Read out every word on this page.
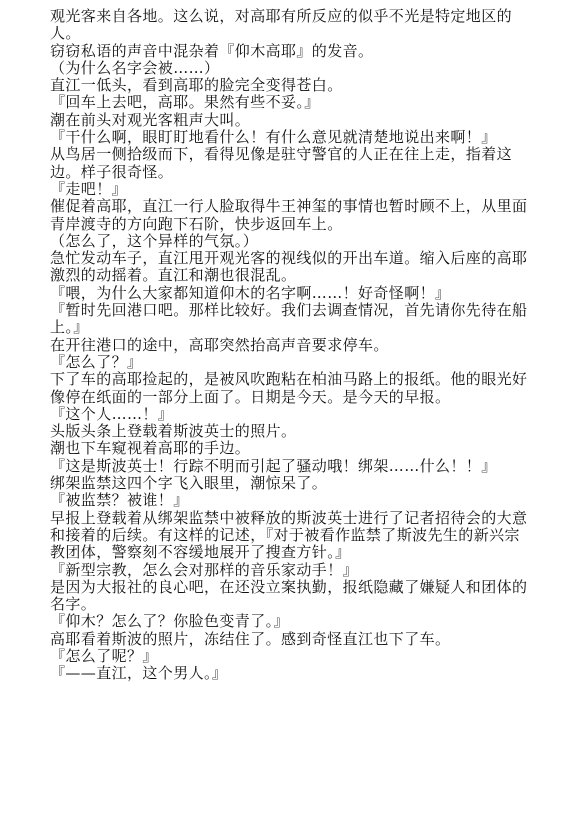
观光客来自各地。这么说，对高耶有所反应的似乎不光是特定地区的人。

窃窃私语的声音中混杂着『仰木高耶』的发音。

（为什么名字会被……）

直江一低头，看到高耶的脸完全变得苍白。

『回车上去吧，高耶。果然有些不妥。』

潮在前头对观光客粗声大叫。

『干什么啊，眼盯盯地看什么！有什么意见就清楚地说出来啊！』

从鸟居一侧拾级而下，看得见像是驻守警官的人正在往上走，指着这边。样子很奇怪。

『走吧！』

催促着高耶，直江一行人脸取得牛王神玺的事情也暂时顾不上，从里面青岸渡寺的方向跑下石阶，快步返回车上。

（怎么了，这个异样的气氛。）

急忙发动车子，直江甩开观光客的视线似的开出车道。缩入后座的高耶激烈的动摇着。直江和潮也很混乱。

『喂，为什么大家都知道仰木的名字啊……！好奇怪啊！』

『暂时先回港口吧。那样比较好。我们去调查情况，首先请你先待在船上。』

在开往港口的途中，高耶突然抬高声音要求停车。

『怎么了？』

下了车的高耶捡起的，是被风吹跑粘在柏油马路上的报纸。他的眼光好像停在纸面的一部分上面了。日期是今天。是今天的早报。

『这个人……！』

头版头条上登载着斯波英士的照片。

潮也下车窥视着高耶的手边。

『这是斯波英士！行踪不明而引起了骚动哦！绑架……什么！！』

绑架监禁这四个字飞入眼里，潮惊呆了。

『被监禁？被谁！』

早报上登载着从绑架监禁中被释放的斯波英士进行了记者招待会的大意和接着的后续。有这样的记述，『对于被看作监禁了斯波先生的新兴宗教团体，警察刻不容缓地展开了搜查方针。』

『新型宗教，怎么会对那样的音乐家动手！』

是因为大报社的良心吧，在还没立案执勤，报纸隐藏了嫌疑人和团体的名字。

『仰木？怎么了？你脸色变青了。』

高耶看着斯波的照片，冻结住了。感到奇怪直江也下了车。

『怎么了呢？』

『——直江，这个男人。』
